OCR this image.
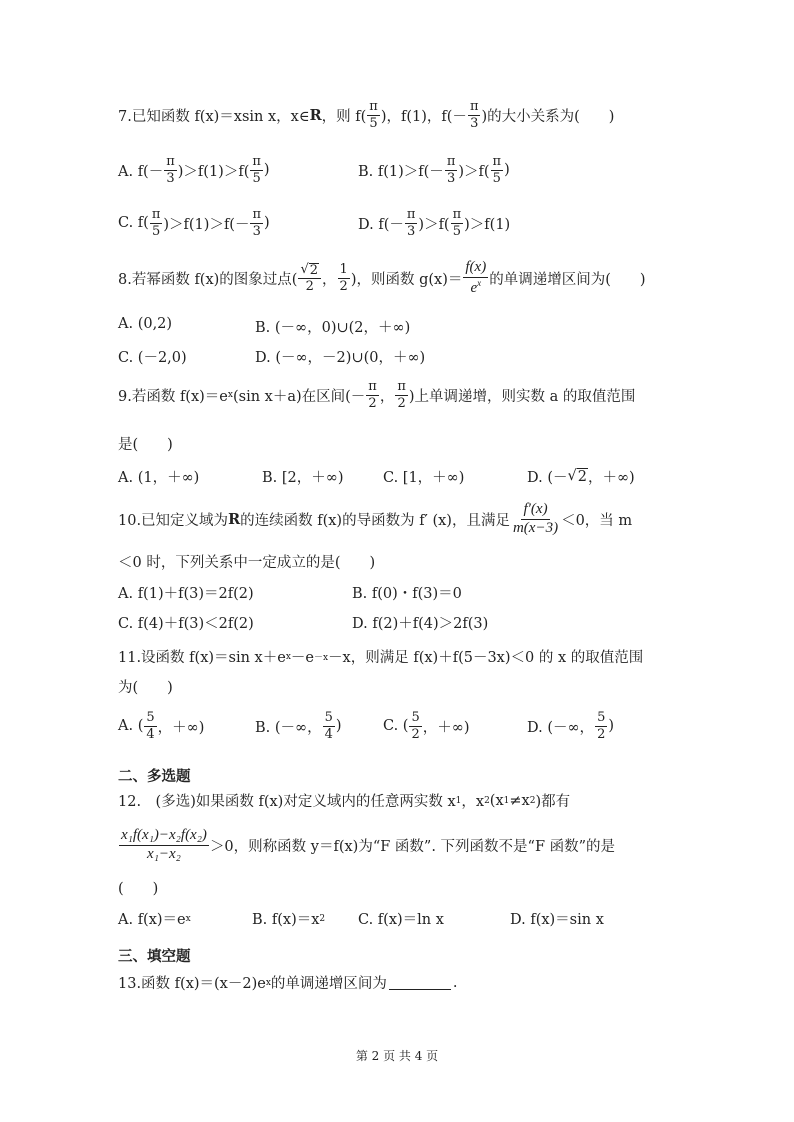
7.已知函数 f(x)＝xsin x，x∈ R ，则 $f( \frac{\pi}{5}$ )，f(1)，$f(- \frac{\pi}{3}$ )的大小关系为(　　)
A. $f(- \frac{\pi}{3} )>f(1)>f( \frac{\pi}{5}$ )	B. $f(1)>f(- \frac{\pi}{3} )>f( \frac{\pi}{5}$ )
C. $f( \frac{\pi}{5} )>f(1)>f(- \frac{\pi}{3}$ )	D. $f(- \frac{\pi}{3} )>f( \frac{\pi}{5} )>f(1)$
8.若幂函数 f(x)的图象过点( $\frac{√ 2}{2}$ ， $\frac{1}{2}$ )，则函数 $g(x)= \frac{f(x)}{e^x}$ 的单调递增区间为(　　)
A. (0,2)	B. (－∞，0)∪(2，＋∞)
C. (－2,0)	D. (－∞，－2)∪(0，＋∞)
9.若函数 f(x)＝e x (sin x＋a)在区间(－ $\frac{\pi}{2}$ ， $\frac{\pi}{2}$ )上单调递增，则实数 a 的取值范围
是(　　)
A. (1，＋∞)	B. [2，＋∞)	C. [1，＋∞)	D. (－ √ 2 ，＋∞)
10.已知定义域为 R 的连续函数 f(x)的导函数为 f′ (x)，且满足 $\frac{f'(x)}{m(x-3)} <0$，当 m
＜0 时，下列关系中一定成立的是(　　)
A. f(1)＋f(3)＝2f(2)	B. f(0)・f(3)＝0
C. f(4)＋f(3)＜2f(2)	D. f(2)＋f(4)＞2f(3)
11.设函数 f(x)＝sin x＋e x －e －x －x，则满足 f(x)＋f(5－3x)＜0 的 x 的取值范围
为(　　)
A. ( $\frac{5}{4}$ ，＋∞)	B. (－∞， $\frac{5}{4}$ )	C. ( $\frac{5}{2}$ ，＋∞)	D. (－∞， $\frac{5}{2}$ )
二、多选题
12.　(多选)如果函数 f(x)对定义域内的任意两实数 x 1 ，x 2 (x 1 ≠x 2 )都有
$\frac{\text{x₁f(x₁)−x₂f(x₂)}}{\text{x₁−x₂}} >0$，则称函数 y＝f(x)为“F 函数”. 下列函数不是“F 函数”的是
(　　)
A. f(x)＝e x	B. f(x)＝x 2 C. f(x)＝ln x	D. f(x)＝sin x
三、填空题
13.函数 f(x)＝(x－2)e x 的单调递增区间为	.
第 2 页 共 4 页
